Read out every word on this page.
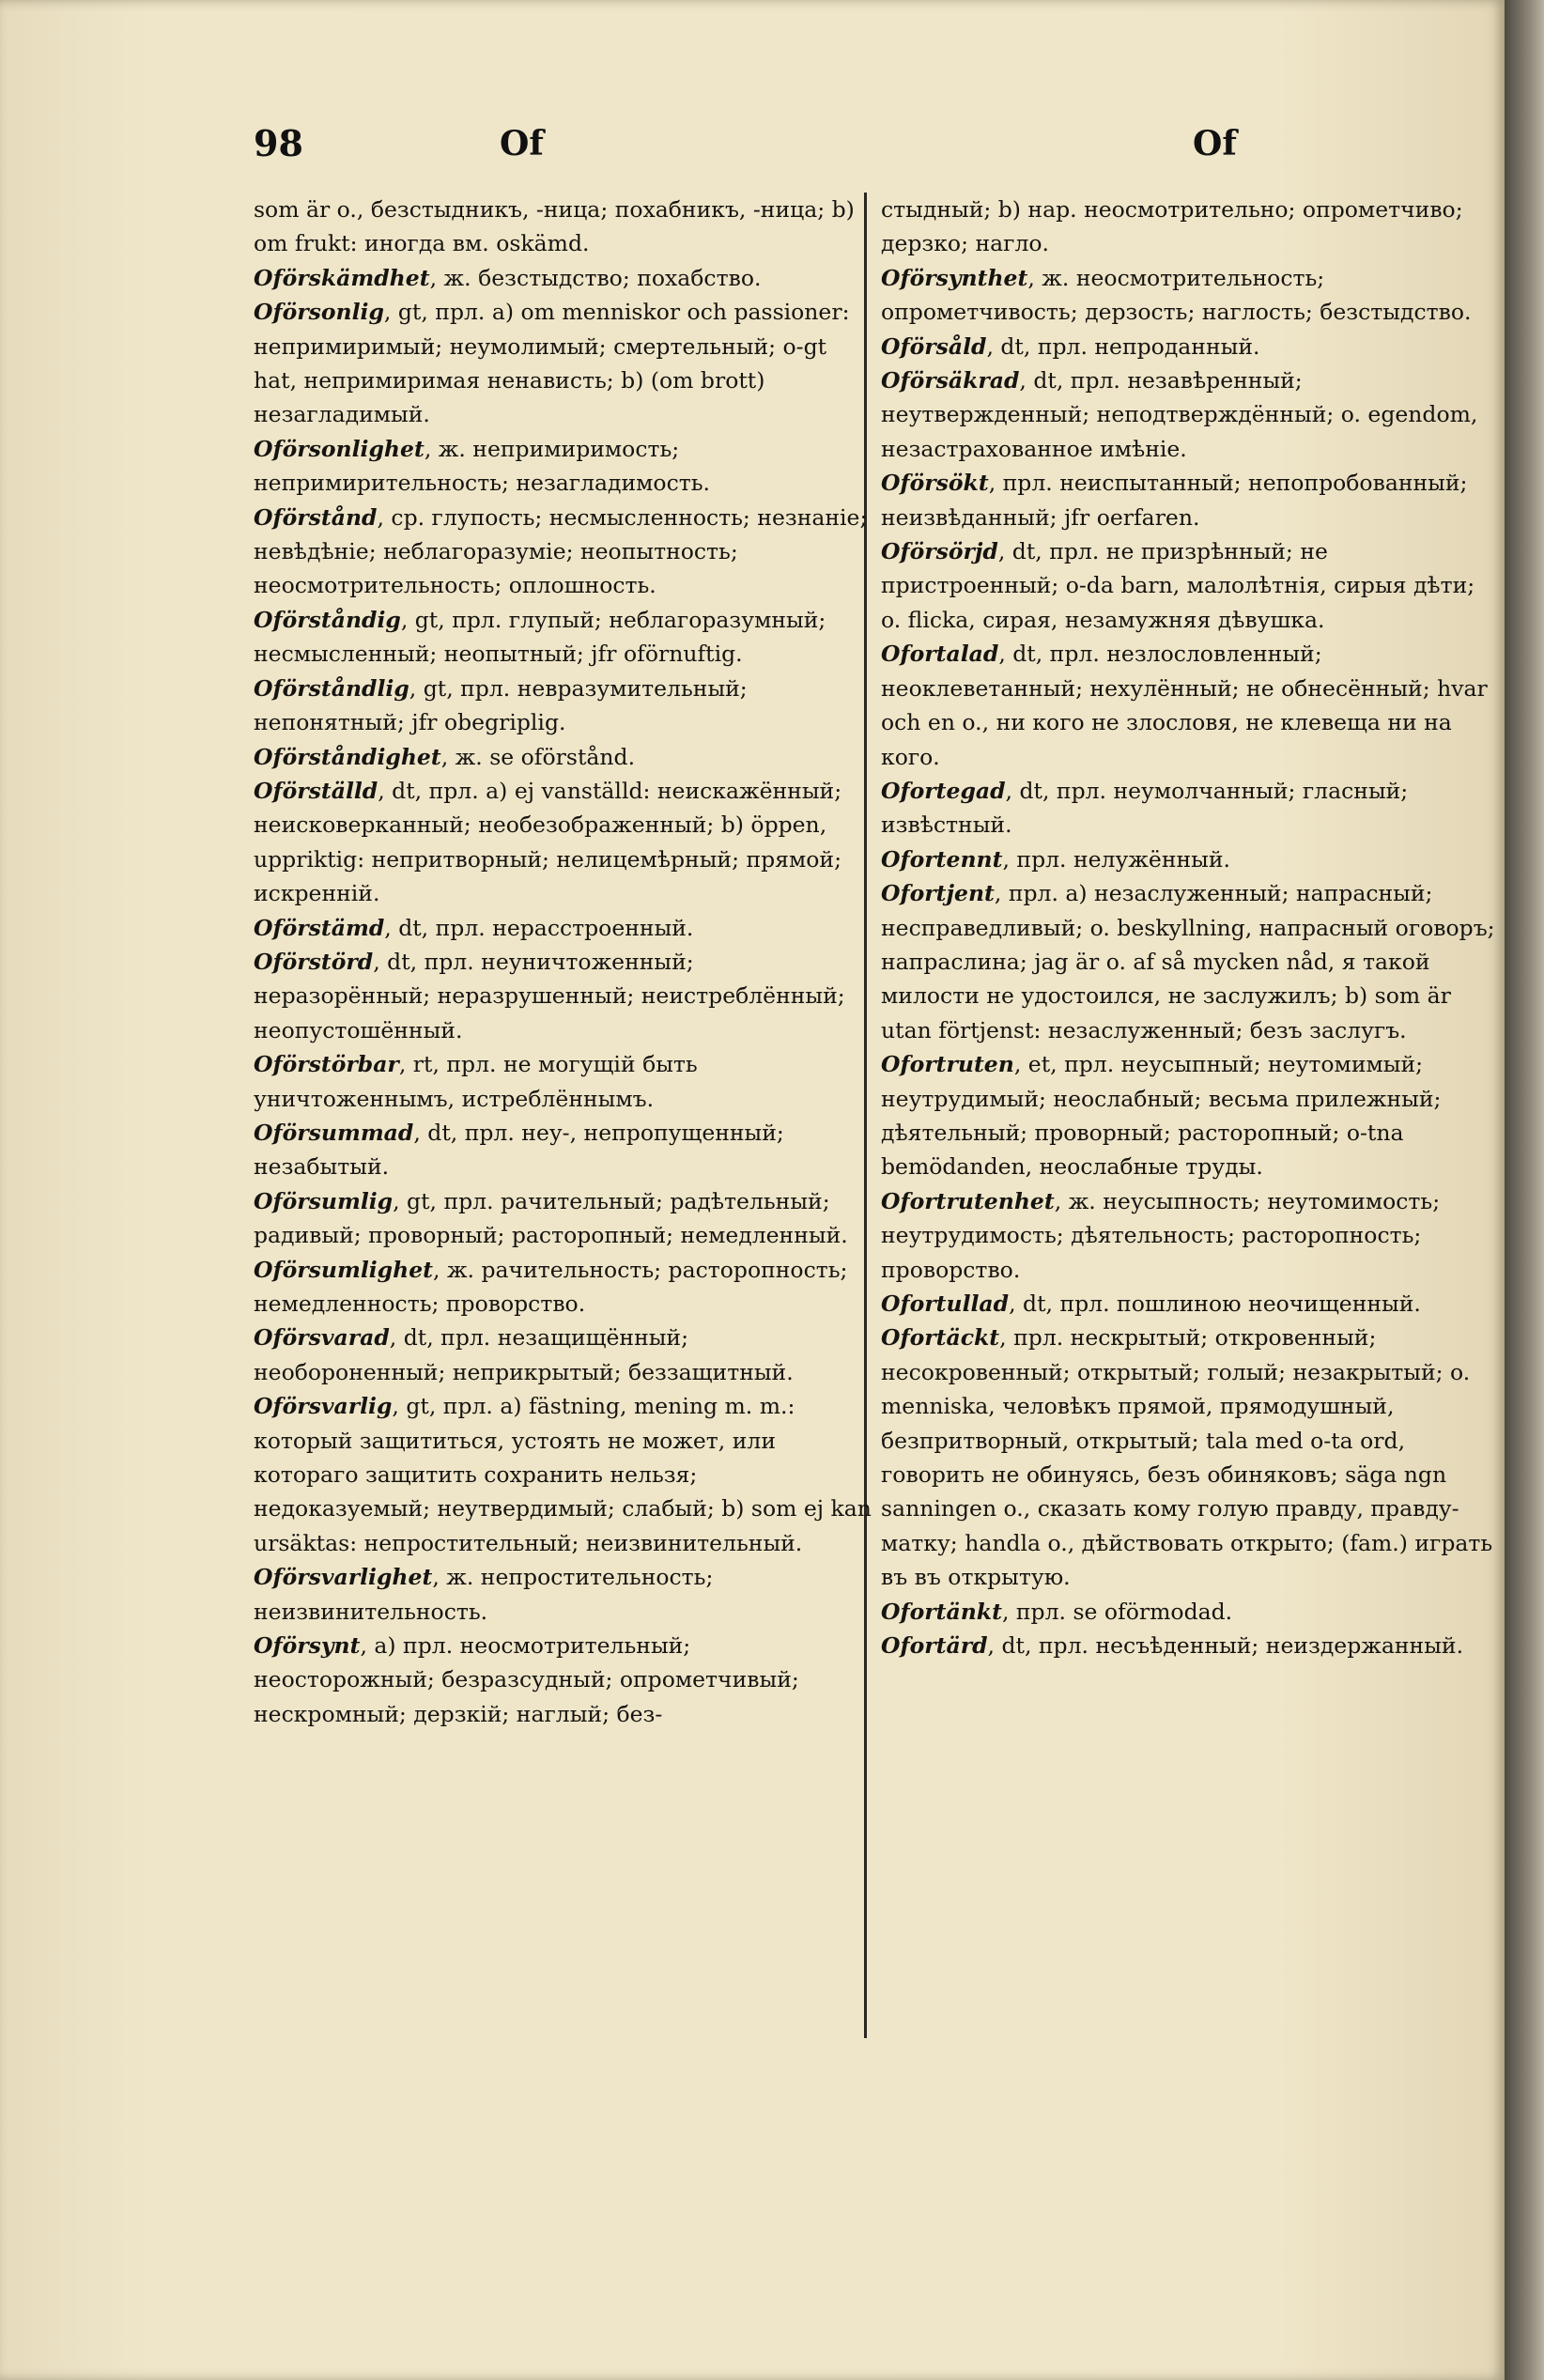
98	Of	Of

som är o., безстыдникъ, -ница; похабникъ, -ница; b) om frukt: иногда вм. oskämd.

Oförskämdhet, ж. безстыдство; похабство.

Oförsonlig, gt, прл. a) om menniskor och passioner: непримиримый; неумолимый; смертельный; o-gt hat, непримиримая ненависть; b) (om brott) незагладимый.

Oförsonlighet, ж. непримиримость; непримирительность; незагладимость.

Oförstånd, ср. глупость; несмысленность; незнаніе; невѣдѣніе; неблагоразуміе; неопытность; неосмотрительность; оплошность.

Oförståndig, gt, прл. глупый; неблагоразумный; несмысленный; неопытный; jfr oförnuftig.

Oförståndlig, gt, прл. невразумительный; непонятный; jfr obegriplig.

Oförståndighet, ж. se oförstånd.

Oförställd, dt, прл. a) ej vanställd: неискажённый; неисковерканный; необезображенный; b) öppen, uppriktig: непритворный; нелицемѣрный; прямой; искренній.

Oförstämd, dt, прл. нерасстроенный.

Oförstörd, dt, прл. неуничтоженный; неразорённый; неразрушенный; неистреблённый; неопустошённый.

Oförstörbar, rt, прл. не могущій быть уничтоженнымъ, истреблённымъ.

Oförsummad, dt, прл. неу-, непропущенный; незабытый.

Oförsumlig, gt, прл. рачительный; радѣтельный; радивый; проворный; расторопный; немедленный.

Oförsumlighet, ж. рачительность; расторопность; немедленность; проворство.

Oförsvarad, dt, прл. незащищённый; необороненный; неприкрытый; беззащитный.

Oförsvarlig, gt, прл. a) fästning, mening m. m.: который защититься, устоять не может, или котораго защитить сохранить нельзя; недоказуемый; неутвердимый; слабый; b) som ej kan ursäktas: непростительный; неизвинительный.

Oförsvarlighet, ж. непростительность; неизвинительность.

Oförsynt, a) прл. неосмотрительный; неосторожный; безразсудный; опрометчивый; нескромный; дерзкій; наглый; без-

стыдный; b) нар. неосмотрительно; опрометчиво; дерзко; нагло.

Oförsynthet, ж. неосмотрительность; опрометчивость; дерзость; наглость; безстыдство.

Oförsåld, dt, прл. непроданный.

Oförsäkrad, dt, прл. незавѣренный; неутвержденный; неподтверждённый; o. egendom, незастрахованное имѣніе.

Oförsökt, прл. неиспытанный; непопробованный; неизвѣданный; jfr oerfaren.

Oförsörjd, dt, прл. не призрѣнный; не пристроенный; o-da barn, малолѣтнія, сирыя дѣти; o. flicka, сирая, незамужняя дѣвушка.

Ofortalad, dt, прл. незлословленный; неоклеветанный; нехулённый; не обнесённый; hvar och en o., ни кого не злословя, не клевеща ни на кого.

Ofortegad, dt, прл. неумолчанный; гласный; извѣстный.

Ofortennt, прл. нелужённый.

Ofortjent, прл. a) незаслуженный; напрасный; несправедливый; o. beskyllning, напрасный оговоръ; напраслина; jag är o. af så mycken nåd, я такой милости не удостоился, не заслужилъ; b) som är utan förtjenst: незаслуженный; безъ заслугъ.

Ofortruten, et, прл. неусыпный; неутомимый; неутрудимый; неослабный; весьма прилежный; дѣятельный; проворный; расторопный; o-tna bemödanden, неослабные труды.

Ofortrutenhet, ж. неусыпность; неутомимость; неутрудимость; дѣятельность; расторопность; проворство.

Ofortullad, dt, прл. пошлиною неочищенный.

Ofortäckt, прл. нескрытый; откровенный; несокровенный; открытый; голый; незакрытый; o. menniska, человѣкъ прямой, прямодушный, безпритворный, открытый; tala med o-ta ord, говорить не обинуясь, безъ обиняковъ; säga ngn sanningen o., сказать кому голую правду, правду-матку; handla o., дѣйствовать открыто; (fam.) играть въ въ открытую.

Ofortänkt, прл. se oförmodad.

Ofortärd, dt, прл. несъѣденный; неиздержанный.
